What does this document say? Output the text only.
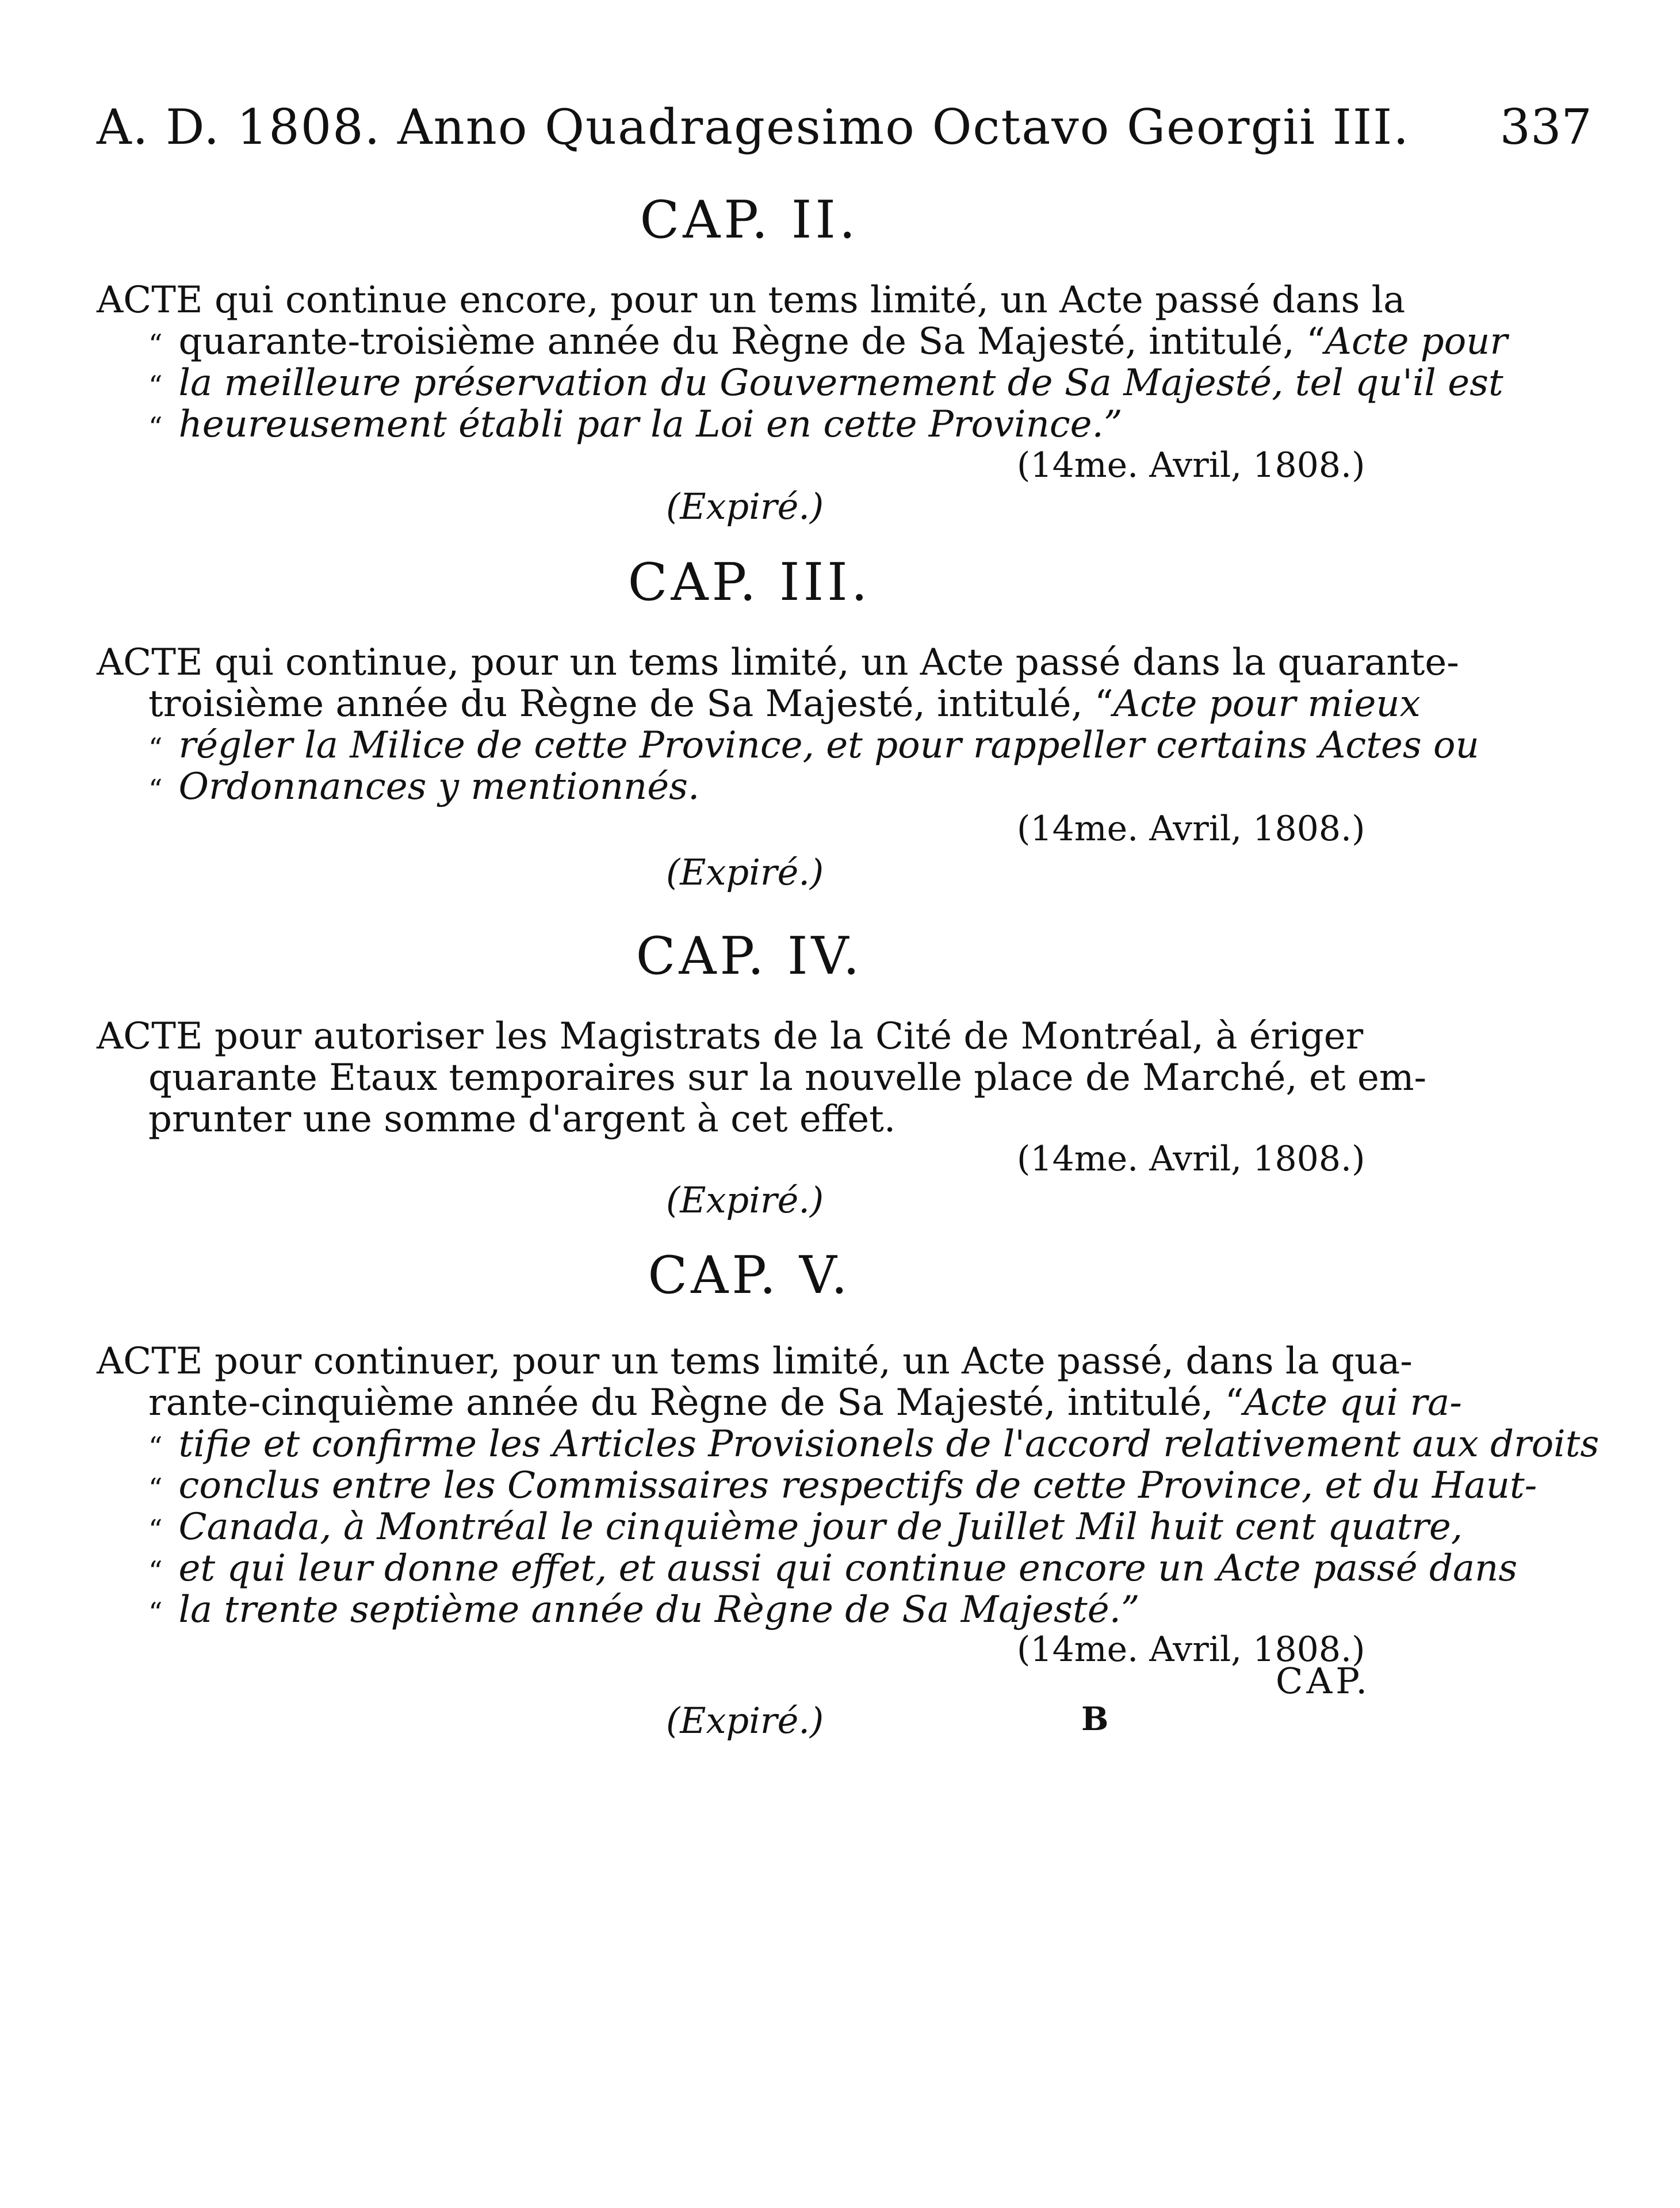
A. D. 1808. Anno Quadragesimo Octavo Georgii III. 337
CAP. II.
ACTE qui continue encore, pour un tems limité, un Acte passé dans la
“ quarante-troisième année du Règne de Sa Majesté, intitulé, “Acte pour
“ la meilleure préservation du Gouvernement de Sa Majesté, tel qu'il est
“ heureusement établi par la Loi en cette Province.”
(14me. Avril, 1808.)
(Expiré.)
CAP. III.
ACTE qui continue, pour un tems limité, un Acte passé dans la quarante-
troisième année du Règne de Sa Majesté, intitulé, “Acte pour mieux
“ régler la Milice de cette Province, et pour rappeller certains Actes ou
“ Ordonnances y mentionnés.
(14me. Avril, 1808.)
(Expiré.)
CAP. IV.
ACTE pour autoriser les Magistrats de la Cité de Montréal, à ériger
quarante Etaux temporaires sur la nouvelle place de Marché, et em-
prunter une somme d'argent à cet effet.
(14me. Avril, 1808.)
(Expiré.)
CAP. V.
ACTE pour continuer, pour un tems limité, un Acte passé, dans la qua-
rante-cinquième année du Règne de Sa Majesté, intitulé, “Acte qui ra-
“ tifie et confirme les Articles Provisionels de l'accord relativement aux droits
“ conclus entre les Commissaires respectifs de cette Province, et du Haut-
“ Canada, à Montréal le cinquième jour de Juillet Mil huit cent quatre,
“ et qui leur donne effet, et aussi qui continue encore un Acte passé dans
“ la trente septième année du Règne de Sa Majesté.”
(14me. Avril, 1808.)
(Expiré.)
CAP.
B
